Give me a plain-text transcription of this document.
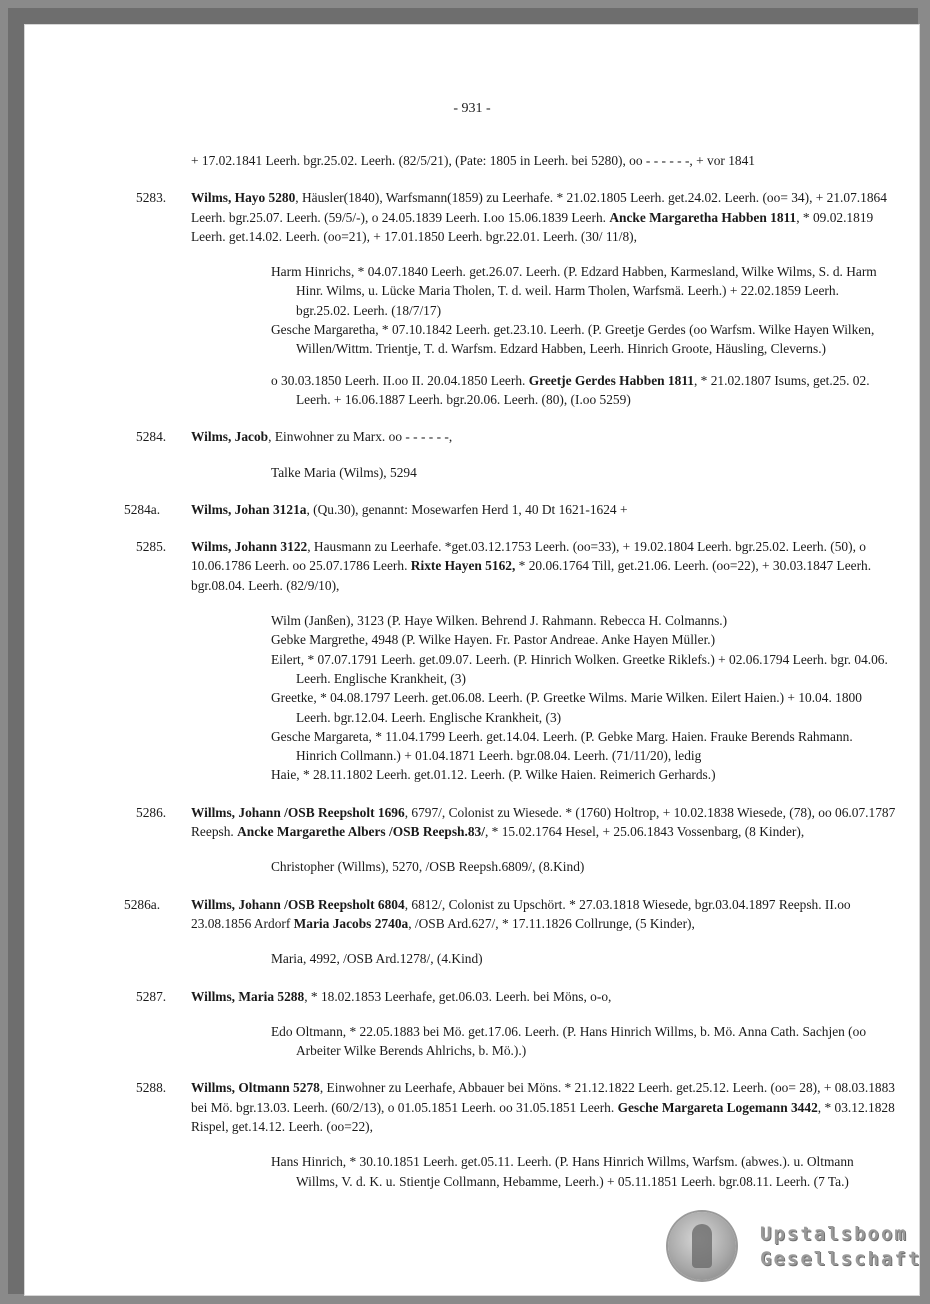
- 931 -
+ 17.02.1841 Leerh. bgr.25.02. Leerh. (82/5/21), (Pate: 1805 in Leerh. bei 5280), oo - - - - - -, + vor 1841
5283. Wilms, Hayo 5280, Häusler(1840), Warfsmann(1859) zu Leerhafe. * 21.02.1805 Leerh. get.24.02. Leerh. (oo= 34), + 21.07.1864 Leerh. bgr.25.07. Leerh. (59/5/-), o 24.05.1839 Leerh. I.oo 15.06.1839 Leerh. Ancke Margaretha Habben 1811, * 09.02.1819 Leerh. get.14.02. Leerh. (oo=21), + 17.01.1850 Leerh. bgr.22.01. Leerh. (30/ 11/8),
Harm Hinrichs, * 04.07.1840 Leerh. get.26.07. Leerh. (P. Edzard Habben, Karmesland, Wilke Wilms, S. d. Harm Hinr. Wilms, u. Lücke Maria Tholen, T. d. weil. Harm Tholen, Warfsmä. Leerh.) + 22.02.1859 Leerh. bgr.25.02. Leerh. (18/7/17)
Gesche Margaretha, * 07.10.1842 Leerh. get.23.10. Leerh. (P. Greetje Gerdes (oo Warfsm. Wilke Hayen Wilken, Willen/Wittm. Trientje, T. d. Warfsm. Edzard Habben, Leerh. Hinrich Groote, Häusling, Cleverns.)
o 30.03.1850 Leerh. II.oo II. 20.04.1850 Leerh. Greetje Gerdes Habben 1811, * 21.02.1807 Isums, get.25. 02. Leerh. + 16.06.1887 Leerh. bgr.20.06. Leerh. (80), (I.oo 5259)
5284. Wilms, Jacob, Einwohner zu Marx. oo - - - - - -,
Talke Maria (Wilms), 5294
5284a. Wilms, Johan 3121a, (Qu.30), genannt: Mosewarfen Herd 1, 40 Dt 1621-1624 +
5285. Wilms, Johann 3122, Hausmann zu Leerhafe. *get.03.12.1753 Leerh. (oo=33), + 19.02.1804 Leerh. bgr.25.02. Leerh. (50), o 10.06.1786 Leerh. oo 25.07.1786 Leerh. Rixte Hayen 5162, * 20.06.1764 Till, get.21.06. Leerh. (oo=22), + 30.03.1847 Leerh. bgr.08.04. Leerh. (82/9/10),
Wilm (Janßen), 3123 (P. Haye Wilken. Behrend J. Rahmann. Rebecca H. Colmanns.)
Gebke Margrethe, 4948 (P. Wilke Hayen. Fr. Pastor Andreae. Anke Hayen Müller.)
Eilert, * 07.07.1791 Leerh. get.09.07. Leerh. (P. Hinrich Wolken. Greetke Riklefs.) + 02.06.1794 Leerh. bgr. 04.06. Leerh. Englische Krankheit, (3)
Greetke, * 04.08.1797 Leerh. get.06.08. Leerh. (P. Greetke Wilms. Marie Wilken. Eilert Haien.) + 10.04. 1800 Leerh. bgr.12.04. Leerh. Englische Krankheit, (3)
Gesche Margareta, * 11.04.1799 Leerh. get.14.04. Leerh. (P. Gebke Marg. Haien. Frauke Berends Rahmann. Hinrich Collmann.) + 01.04.1871 Leerh. bgr.08.04. Leerh. (71/11/20), ledig
Haie, * 28.11.1802 Leerh. get.01.12. Leerh. (P. Wilke Haien. Reimerich Gerhards.)
5286. Willms, Johann /OSB Reepsholt 1696, 6797/, Colonist zu Wiesede. * (1760) Holtrop, + 10.02.1838 Wiesede, (78), oo 06.07.1787 Reepsh. Ancke Margarethe Albers /OSB Reepsh.83/, * 15.02.1764 Hesel, + 25.06.1843 Vossenbarg, (8 Kinder),
Christopher (Willms), 5270, /OSB Reepsh.6809/, (8.Kind)
5286a. Willms, Johann /OSB Reepsholt 6804, 6812/, Colonist zu Upschört. * 27.03.1818 Wiesede, bgr.03.04.1897 Reepsh. II.oo 23.08.1856 Ardorf Maria Jacobs 2740a, /OSB Ard.627/, * 17.11.1826 Collrunge, (5 Kinder),
Maria, 4992, /OSB Ard.1278/, (4.Kind)
5287. Willms, Maria 5288, * 18.02.1853 Leerhafe, get.06.03. Leerh. bei Möns, o-o,
Edo Oltmann, * 22.05.1883 bei Mö. get.17.06. Leerh. (P. Hans Hinrich Willms, b. Mö. Anna Cath. Sachjen (oo Arbeiter Wilke Berends Ahlrichs, b. Mö.).)
5288. Willms, Oltmann 5278, Einwohner zu Leerhafe, Abbauer bei Möns. * 21.12.1822 Leerh. get.25.12. Leerh. (oo= 28), + 08.03.1883 bei Mö. bgr.13.03. Leerh. (60/2/13), o 01.05.1851 Leerh. oo 31.05.1851 Leerh. Gesche Margareta Logemann 3442, * 03.12.1828 Rispel, get.14.12. Leerh. (oo=22),
Hans Hinrich, * 30.10.1851 Leerh. get.05.11. Leerh. (P. Hans Hinrich Willms, Warfsm. (abwes.). u. Oltmann Willms, V. d. K. u. Stientje Collmann, Hebamme, Leerh.) + 05.11.1851 Leerh. bgr.08.11. Leerh. (7 Ta.)
Upstalsboom
Gesellschaft
